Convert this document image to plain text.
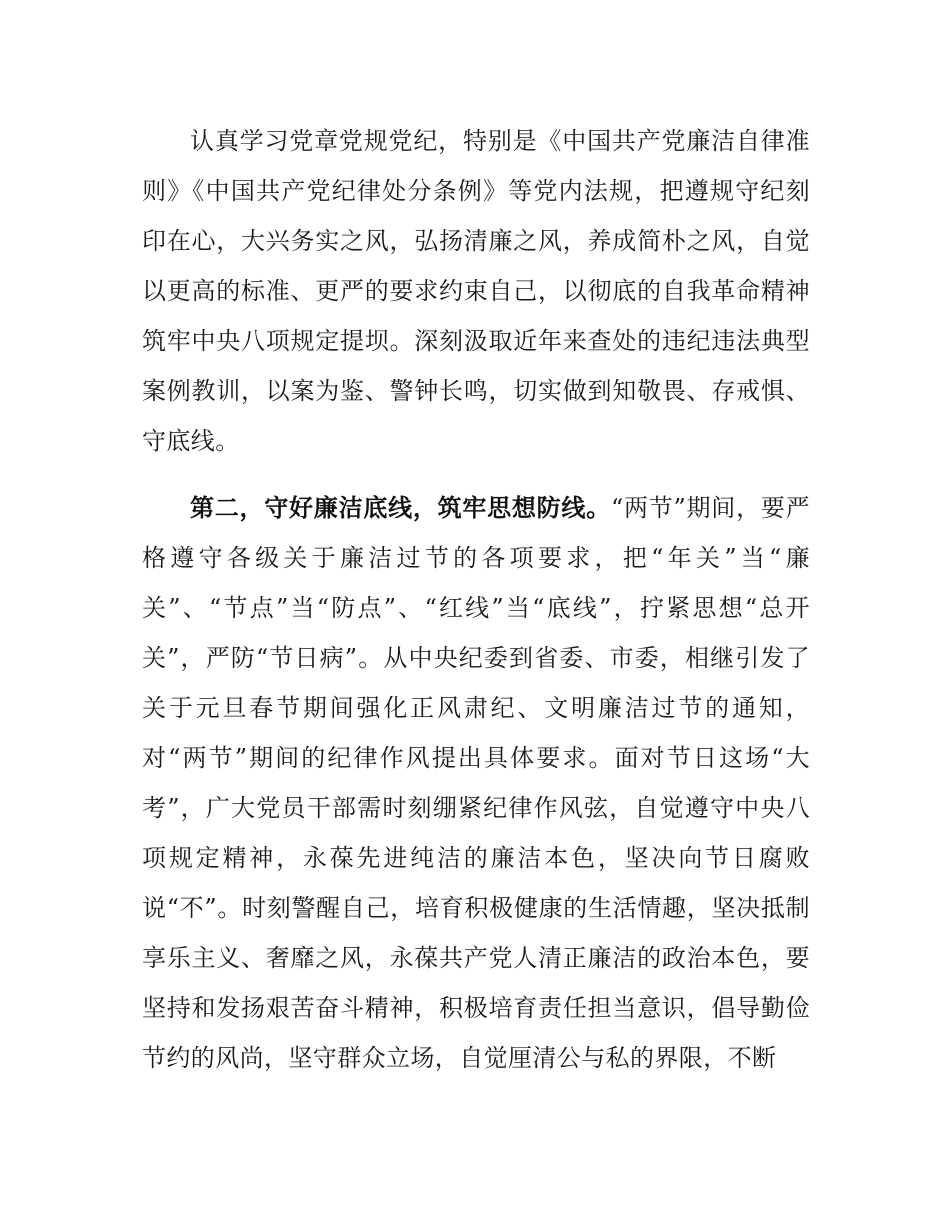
认真学习党章党规党纪，特别是《中国共产党廉洁自律准则》《中国共产党纪律处分条例》等党内法规，把遵规守纪刻印在心，大兴务实之风，弘扬清廉之风，养成简朴之风，自觉以更高的标准、更严的要求约束自己，以彻底的自我革命精神筑牢中央八项规定提坝。深刻汲取近年来查处的违纪违法典型案例教训，以案为鉴、警钟长鸣，切实做到知敬畏、存戒惧、守底线。

第二，守好廉洁底线，筑牢思想防线。“两节”期间，要严格遵守各级关于廉洁过节的各项要求，把“年关”当“廉关”、“节点”当“防点”、“红线”当“底线”，拧紧思想“总开关”，严防“节日病”。从中央纪委到省委、市委，相继引发了关于元旦春节期间强化正风肃纪、文明廉洁过节的通知，对“两节”期间的纪律作风提出具体要求。面对节日这场“大考”，广大党员干部需时刻绷紧纪律作风弦，自觉遵守中央八项规定精神，永葆先进纯洁的廉洁本色，坚决向节日腐败说“不”。时刻警醒自己，培育积极健康的生活情趣，坚决抵制享乐主义、奢靡之风，永葆共产党人清正廉洁的政治本色，要坚持和发扬艰苦奋斗精神，积极培育责任担当意识，倡导勤俭节约的风尚，坚守群众立场，自觉厘清公与私的界限，不断
